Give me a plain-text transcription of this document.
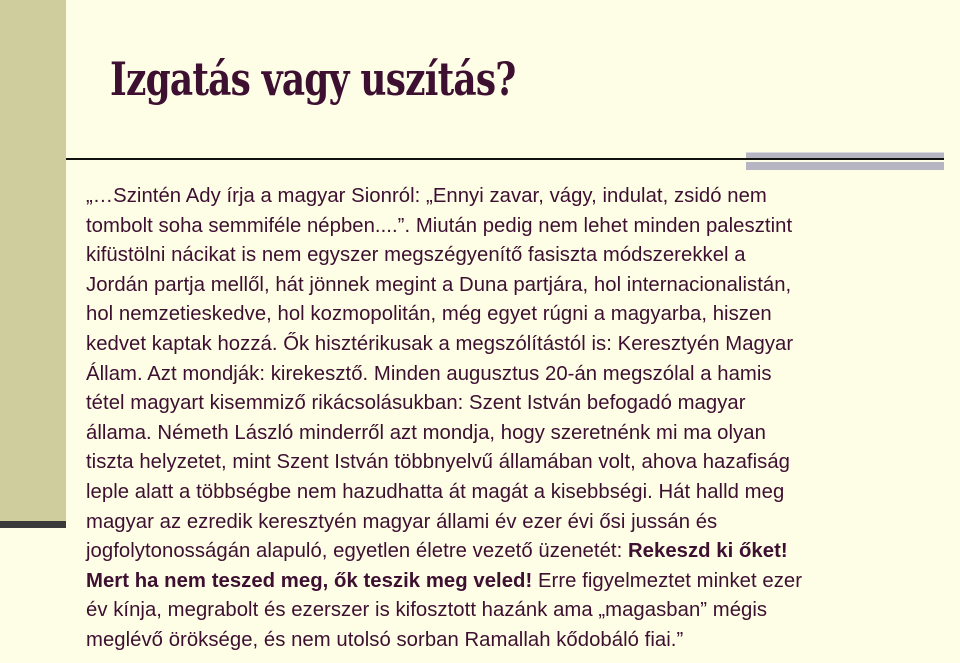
Izgatás vagy uszítás?

„…Szintén Ady írja a magyar Sionról: „Ennyi zavar, vágy, indulat, zsidó nem
tombolt soha semmiféle népben....”. Miután pedig nem lehet minden palesztint
kifüstölni nácikat is nem egyszer megszégyenítő fasiszta módszerekkel a
Jordán partja mellől, hát jönnek megint a Duna partjára, hol internacionalistán,
hol nemzetieskedve, hol kozmopolitán, még egyet rúgni a magyarba, hiszen
kedvet kaptak hozzá. Ők hisztérikusak a megszólítástól is: Keresztyén Magyar
Állam. Azt mondják: kirekesztő. Minden augusztus 20-án megszólal a hamis
tétel magyart kisemmiző rikácsolásukban: Szent István befogadó magyar
állama. Németh László minderről azt mondja, hogy szeretnénk mi ma olyan
tiszta helyzetet, mint Szent István többnyelvű államában volt, ahova hazafiság
leple alatt a többségbe nem hazudhatta át magát a kisebbségi. Hát halld meg
magyar az ezredik keresztyén magyar állami év ezer évi ősi jussán és
jogfolytonosságán alapuló, egyetlen életre vezető üzenetét: Rekeszd ki őket!
Mert ha nem teszed meg, ők teszik meg veled! Erre figyelmeztet minket ezer
év kínja, megrabolt és ezerszer is kifosztott hazánk ama „magasban” mégis
meglévő öröksége, és nem utolsó sorban Ramallah kődobáló fiai.”
